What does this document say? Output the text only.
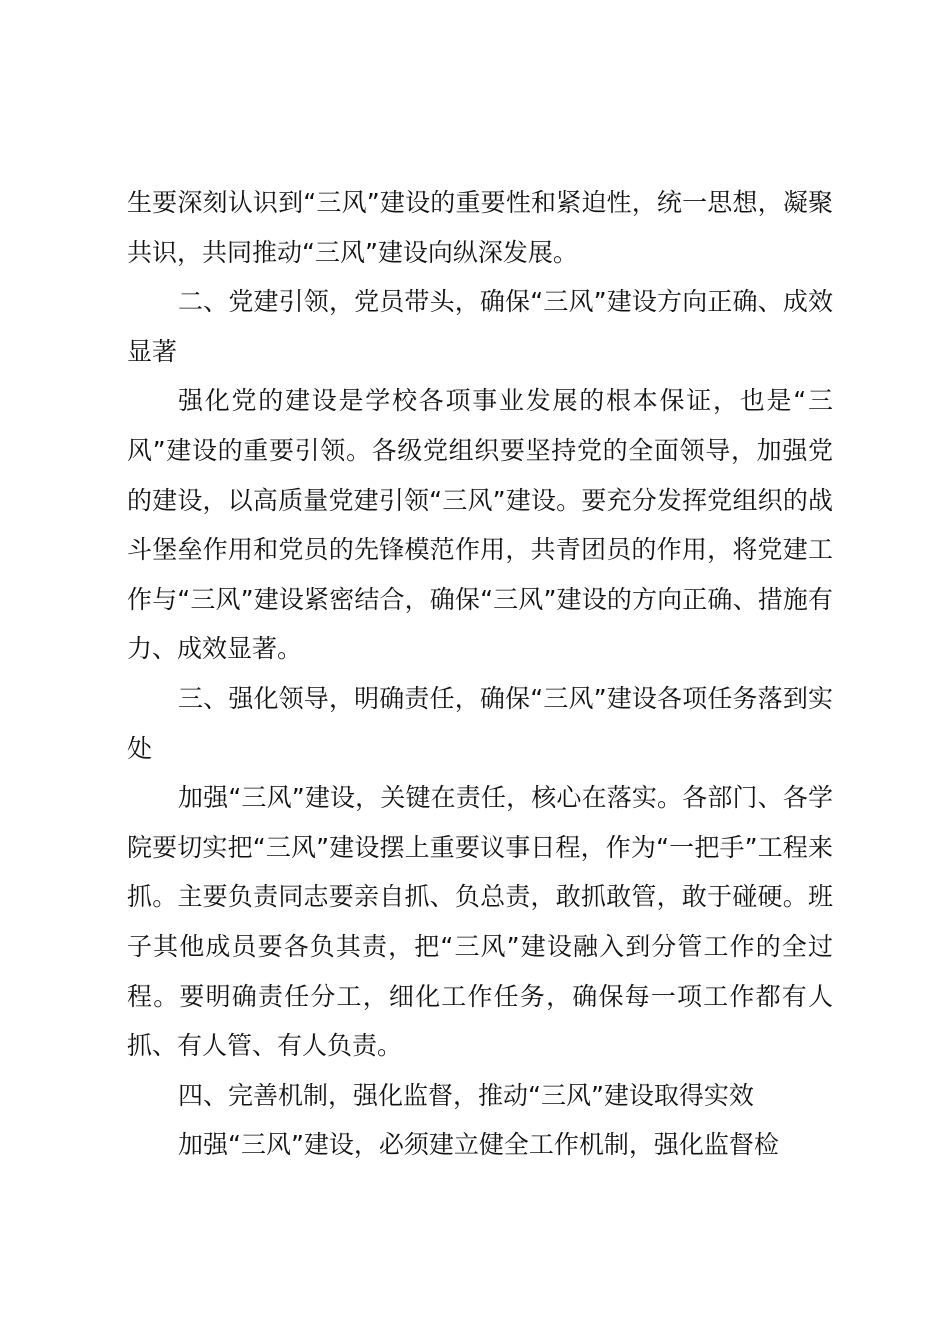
生要深刻认识到“三风”建设的重要性和紧迫性，统一思想，凝聚共识，共同推动“三风”建设向纵深发展。

二、党建引领，党员带头，确保“三风”建设方向正确、成效显著

强化党的建设是学校各项事业发展的根本保证，也是“三风”建设的重要引领。各级党组织要坚持党的全面领导，加强党的建设，以高质量党建引领“三风”建设。要充分发挥党组织的战斗堡垒作用和党员的先锋模范作用，共青团员的作用，将党建工作与“三风”建设紧密结合，确保“三风”建设的方向正确、措施有力、成效显著。

三、强化领导，明确责任，确保“三风”建设各项任务落到实处

加强“三风”建设，关键在责任，核心在落实。各部门、各学院要切实把“三风”建设摆上重要议事日程，作为“一把手”工程来抓。主要负责同志要亲自抓、负总责，敢抓敢管，敢于碰硬。班子其他成员要各负其责，把“三风”建设融入到分管工作的全过程。要明确责任分工，细化工作任务，确保每一项工作都有人抓、有人管、有人负责。

四、完善机制，强化监督，推动“三风”建设取得实效

加强“三风”建设，必须建立健全工作机制，强化监督检
